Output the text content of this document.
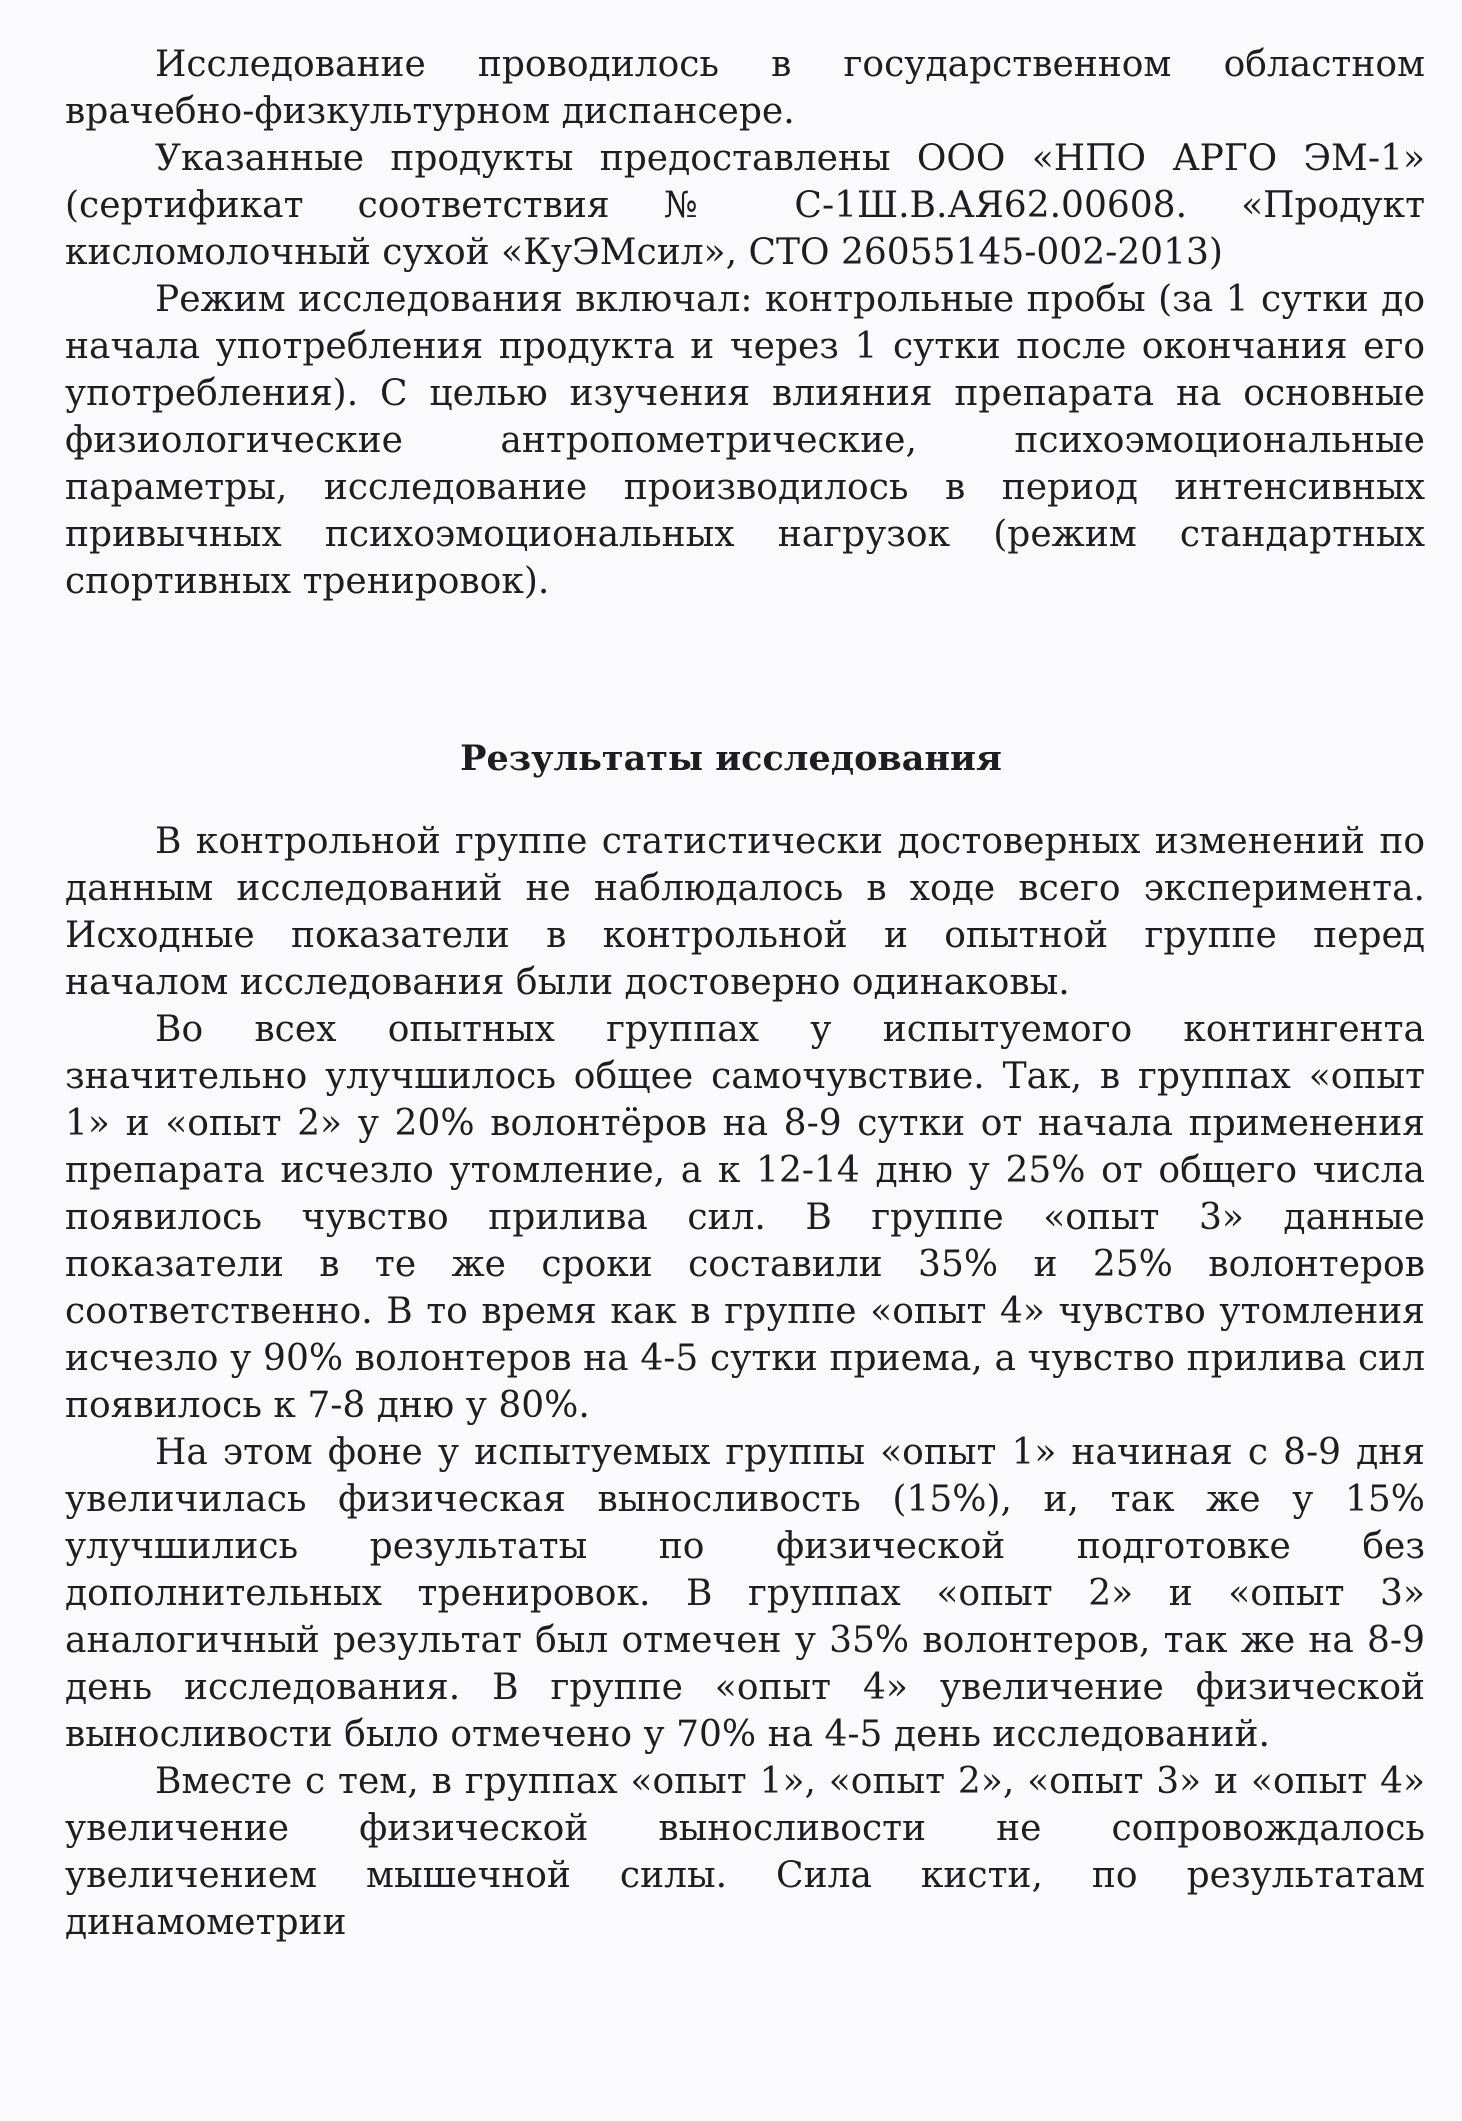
Исследование проводилось в государственном областном врачебно-физкультурном диспансере.

Указанные продукты предоставлены ООО «НПО АРГО ЭМ-1» (сертификат соответствия № С-1Ш.В.АЯ62.00608. «Продукт кисломолочный сухой «КуЭМсил», СТО 26055145-002-2013)

Режим исследования включал: контрольные пробы (за 1 сутки до начала употребления продукта и через 1 сутки после окончания его употребления). С целью изучения влияния препарата на основные физиологические антропометрические, психоэмоциональные параметры, исследование производилось в период интенсивных привычных психоэмоциональных нагрузок (режим стандартных спортивных тренировок).

Результаты исследования

В контрольной группе статистически достоверных изменений по данным исследований не наблюдалось в ходе всего эксперимента. Исходные показатели в контрольной и опытной группе перед началом исследования были достоверно одинаковы.

Во всех опытных группах у испытуемого контингента значительно улучшилось общее самочувствие. Так, в группах «опыт 1» и «опыт 2» у 20% волонтёров на 8-9 сутки от начала применения препарата исчезло утомление, а к 12-14 дню у 25% от общего числа появилось чувство прилива сил. В группе «опыт 3» данные показатели в те же сроки составили 35% и 25% волонтеров соответственно. В то время как в группе «опыт 4» чувство утомления исчезло у 90% волонтеров на 4-5 сутки приема, а чувство прилива сил появилось к 7-8 дню у 80%.

На этом фоне у испытуемых группы «опыт 1» начиная с 8-9 дня увеличилась физическая выносливость (15%), и, так же у 15% улучшились результаты по физической подготовке без дополнительных тренировок. В группах «опыт 2» и «опыт 3» аналогичный результат был отмечен у 35% волонтеров, так же на 8-9 день исследования. В группе «опыт 4» увеличение физической выносливости было отмечено у 70% на 4-5 день исследований.

Вместе с тем, в группах «опыт 1», «опыт 2», «опыт 3» и «опыт 4» увеличение физической выносливости не сопровождалось увеличением мышечной силы. Сила кисти, по результатам динамометрии
